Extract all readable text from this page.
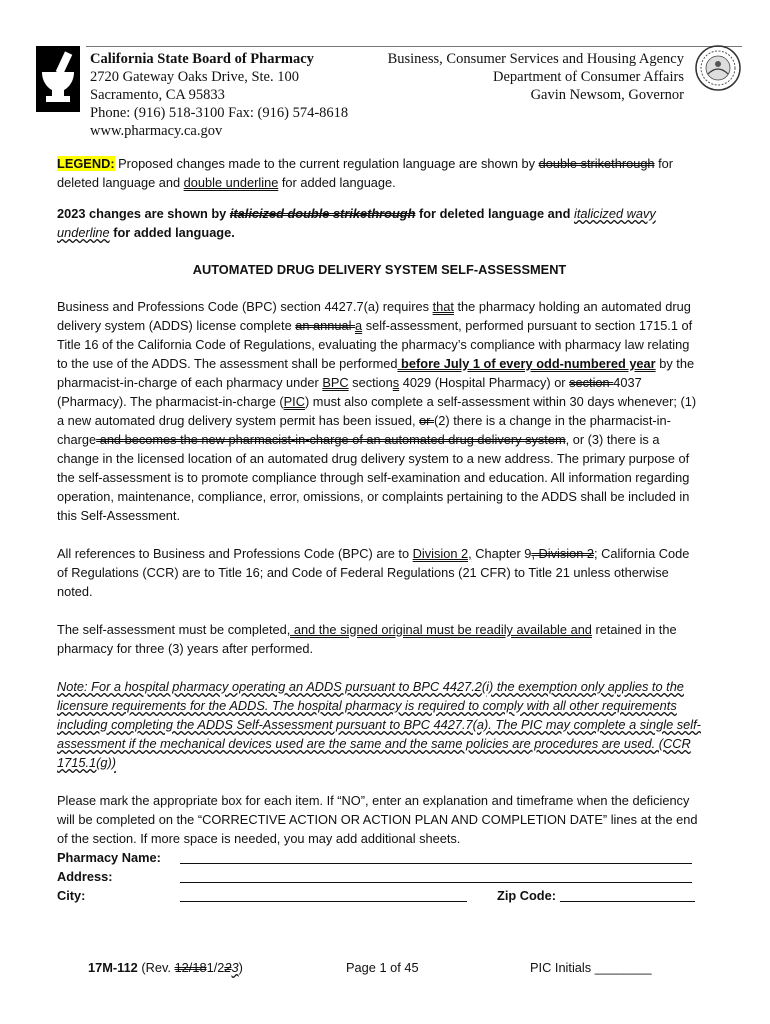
California State Board of Pharmacy
2720 Gateway Oaks Drive, Ste. 100
Sacramento, CA 95833
Phone: (916) 518-3100 Fax: (916) 574-8618
www.pharmacy.ca.gov
Business, Consumer Services and Housing Agency
Department of Consumer Affairs
Gavin Newsom, Governor

LEGEND: Proposed changes made to the current regulation language are shown by double strikethrough for deleted language and double underline for added language.

2023 changes are shown by italicized double strikethrough for deleted language and italicized wavy underline for added language.

AUTOMATED DRUG DELIVERY SYSTEM SELF-ASSESSMENT

Business and Professions Code (BPC) section 4427.7(a) requires that the pharmacy holding an automated drug delivery system (ADDS) license complete an annual a self-assessment, performed pursuant to section 1715.1 of Title 16 of the California Code of Regulations, evaluating the pharmacy’s compliance with pharmacy law relating to the use of the ADDS. The assessment shall be performed before July 1 of every odd-numbered year by the pharmacist-in-charge of each pharmacy under BPC sections 4029 (Hospital Pharmacy) or section 4037 (Pharmacy). The pharmacist-in-charge (PIC) must also complete a self-assessment within 30 days whenever; (1) a new automated drug delivery system permit has been issued, or (2) there is a change in the pharmacist-in-charge and becomes the new pharmacist-in-charge of an automated drug delivery system, or (3) there is a change in the licensed location of an automated drug delivery system to a new address. The primary purpose of the self-assessment is to promote compliance through self-examination and education. All information regarding operation, maintenance, compliance, error, omissions, or complaints pertaining to the ADDS shall be included in this Self-Assessment.

All references to Business and Professions Code (BPC) are to Division 2, Chapter 9, Division 2; California Code of Regulations (CCR) are to Title 16; and Code of Federal Regulations (21 CFR) to Title 21 unless otherwise noted.

The self-assessment must be completed, and the signed original must be readily available and retained in the pharmacy for three (3) years after performed.

Note: For a hospital pharmacy operating an ADDS pursuant to BPC 4427.2(i) the exemption only applies to the licensure requirements for the ADDS. The hospital pharmacy is required to comply with all other requirements including completing the ADDS Self-Assessment pursuant to BPC 4427.7(a). The PIC may complete a single self-assessment if the mechanical devices used are the same and the same policies are procedures are used. (CCR 1715.1(g))

Please mark the appropriate box for each item. If “NO”, enter an explanation and timeframe when the deficiency will be completed on the “CORRECTIVE ACTION OR ACTION PLAN AND COMPLETION DATE” lines at the end of the section. If more space is needed, you may add additional sheets.

Pharmacy Name:
Address:
City:	Zip Code:
17M-112 (Rev. 12/181/223)	Page 1 of 45	PIC Initials ________
